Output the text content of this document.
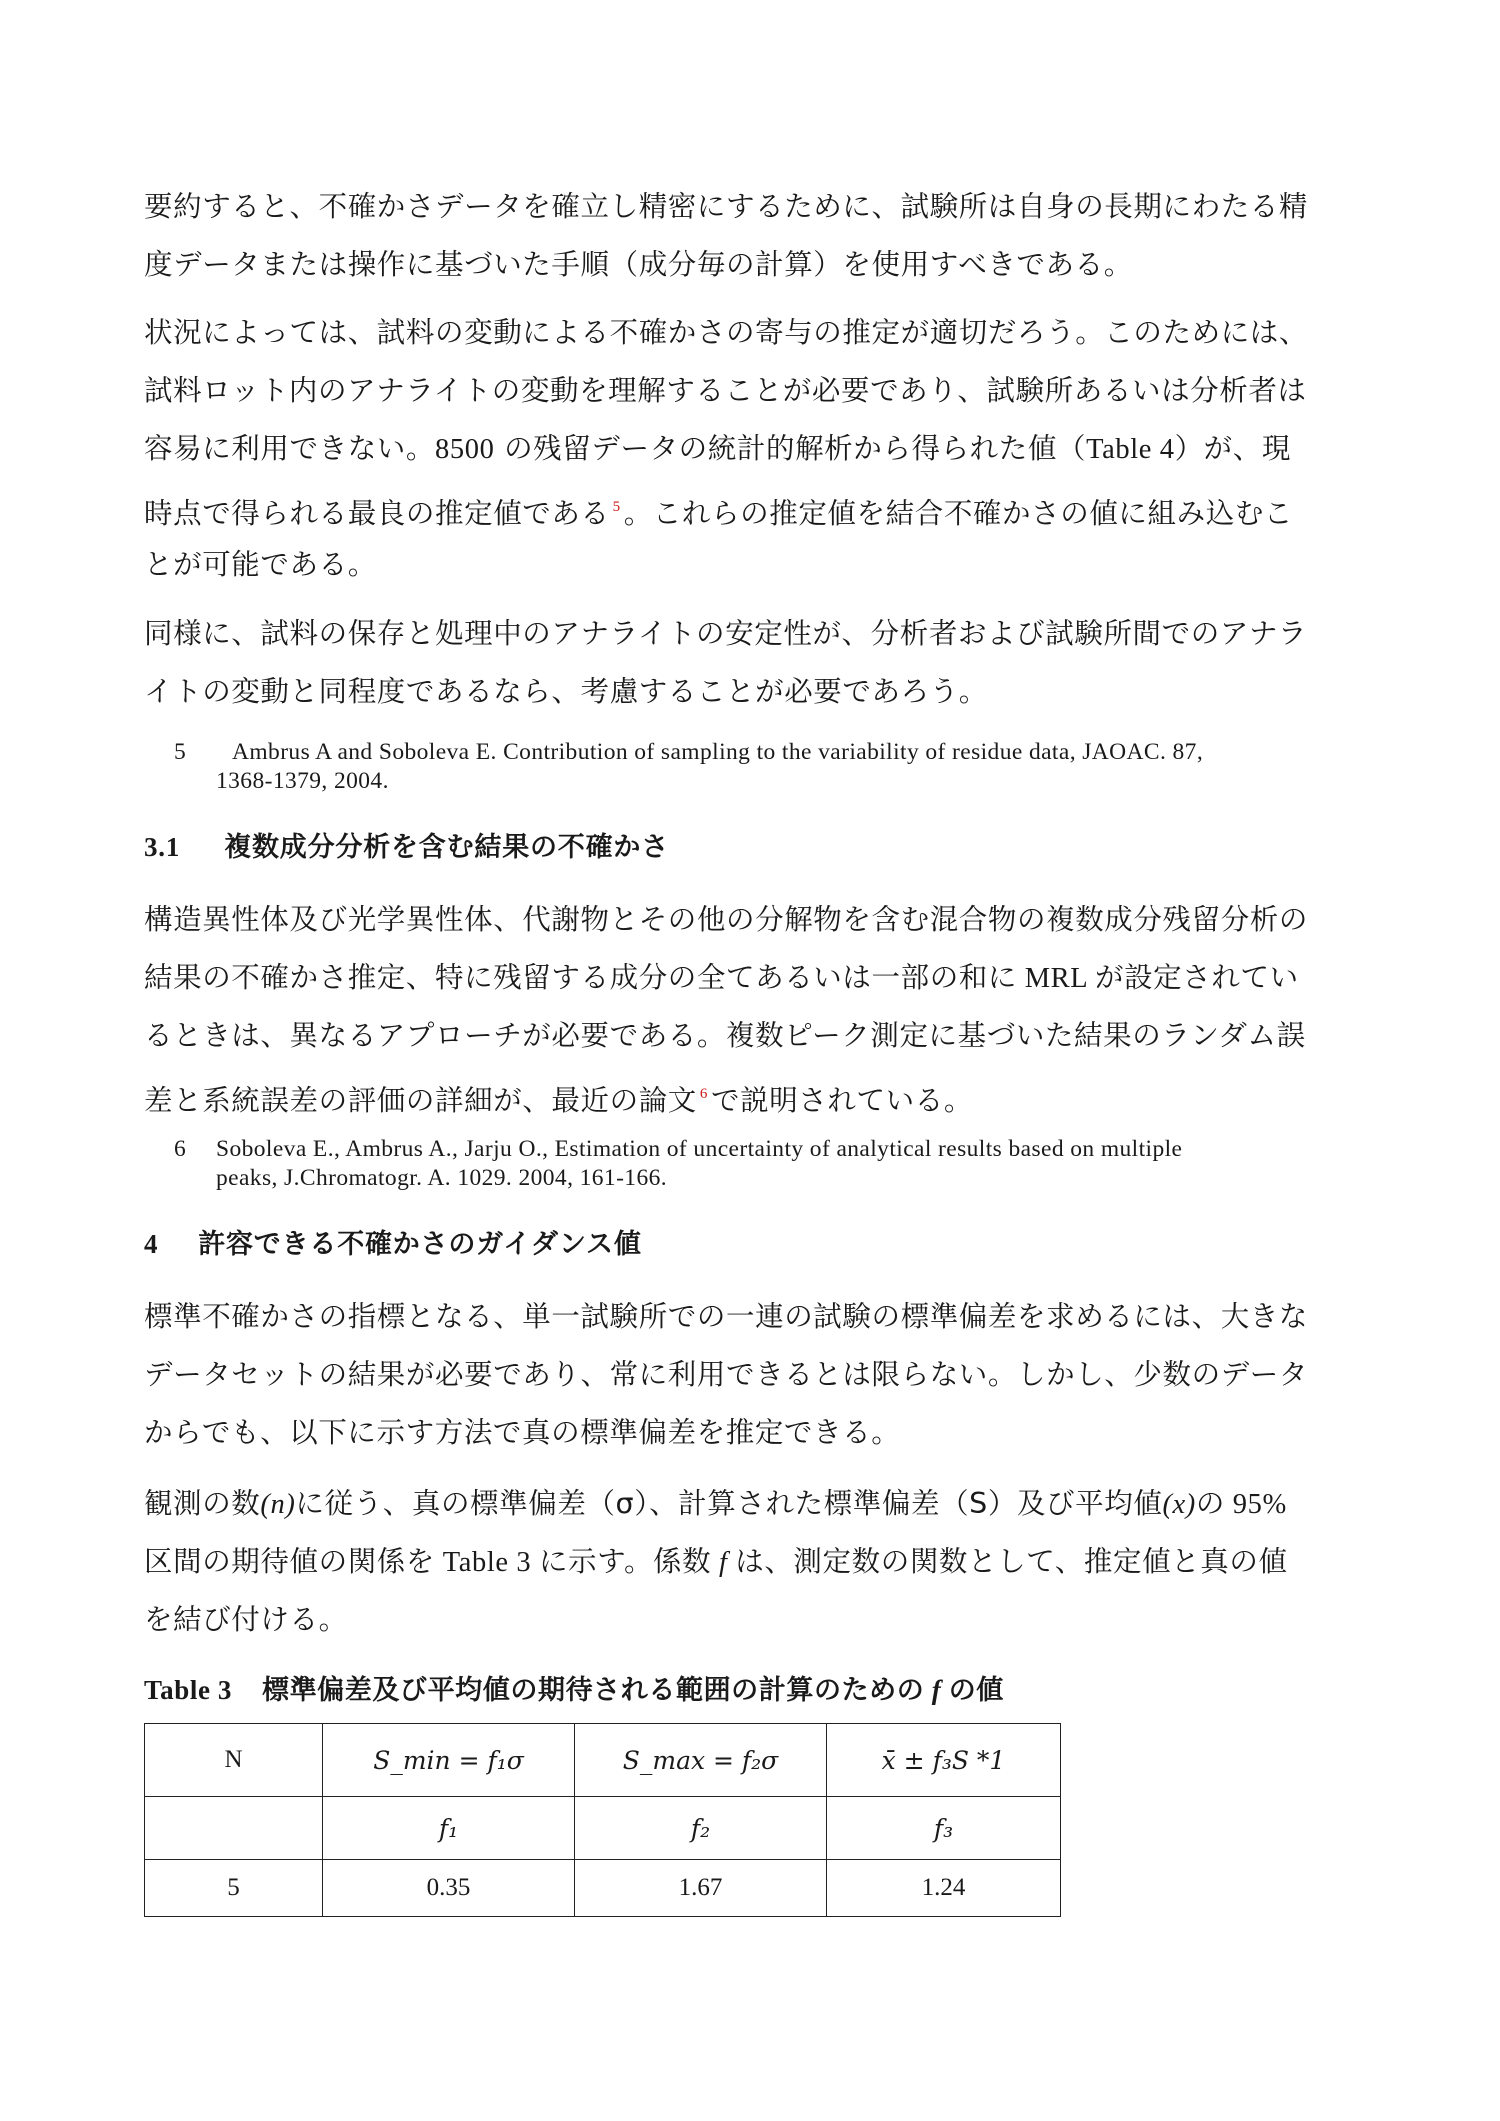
要約すると、不確かさデータを確立し精密にするために、試験所は自身の長期にわたる精
度データまたは操作に基づいた手順（成分毎の計算）を使用すべきである。
状況によっては、試料の変動による不確かさの寄与の推定が適切だろう。このためには、
試料ロット内のアナライトの変動を理解することが必要であり、試験所あるいは分析者は
容易に利用できない。8500 の残留データの統計的解析から得られた値（Table 4）が、現
時点で得られる最良の推定値である $^5$ 。これらの推定値を結合不確かさの値に組み込むこ
とが可能である。
同様に、試料の保存と処理中のアナライトの安定性が、分析者および試験所間でのアナラ
イトの変動と同程度であるなら、考慮することが必要であろう。
5 Ambrus A and Soboleva E. Contribution of sampling to the variability of residue data, JAOAC. 87,
1368-1379, 2004.
3.1 複数成分分析を含む結果の不確かさ
構造異性体及び光学異性体、代謝物とその他の分解物を含む混合物の複数成分残留分析の
結果の不確かさ推定、特に残留する成分の全てあるいは一部の和に MRL が設定されてい
るときは、異なるアプローチが必要である。複数ピーク測定に基づいた結果のランダム誤
差と系統誤差の評価の詳細が、最近の論文 $^6$ で説明されている。
6 Soboleva E., Ambrus A., Jarju O., Estimation of uncertainty of analytical results based on multiple
peaks, J.Chromatogr. A. 1029. 2004, 161-166.
4 許容できる不確かさのガイダンス値
標準不確かさの指標となる、単一試験所での一連の試験の標準偏差を求めるには、大きな
データセットの結果が必要であり、常に利用できるとは限らない。しかし、少数のデータ
からでも、以下に示す方法で真の標準偏差を推定できる。
観測の数(n)に従う、真の標準偏差（σ）、計算された標準偏差（S）及び平均値(x)の 95%
区間の期待値の関係を Table 3 に示す。係数 f は、測定数の関数として、推定値と真の値
を結び付ける。
Table 3 標準偏差及び平均値の期待される範囲の計算のための f の値
N	S_min = f₁σ	S_max = f₂σ	x̄ ± f₃S *1
	f₁	f₂	f₃
5	0.35	1.67	1.24
